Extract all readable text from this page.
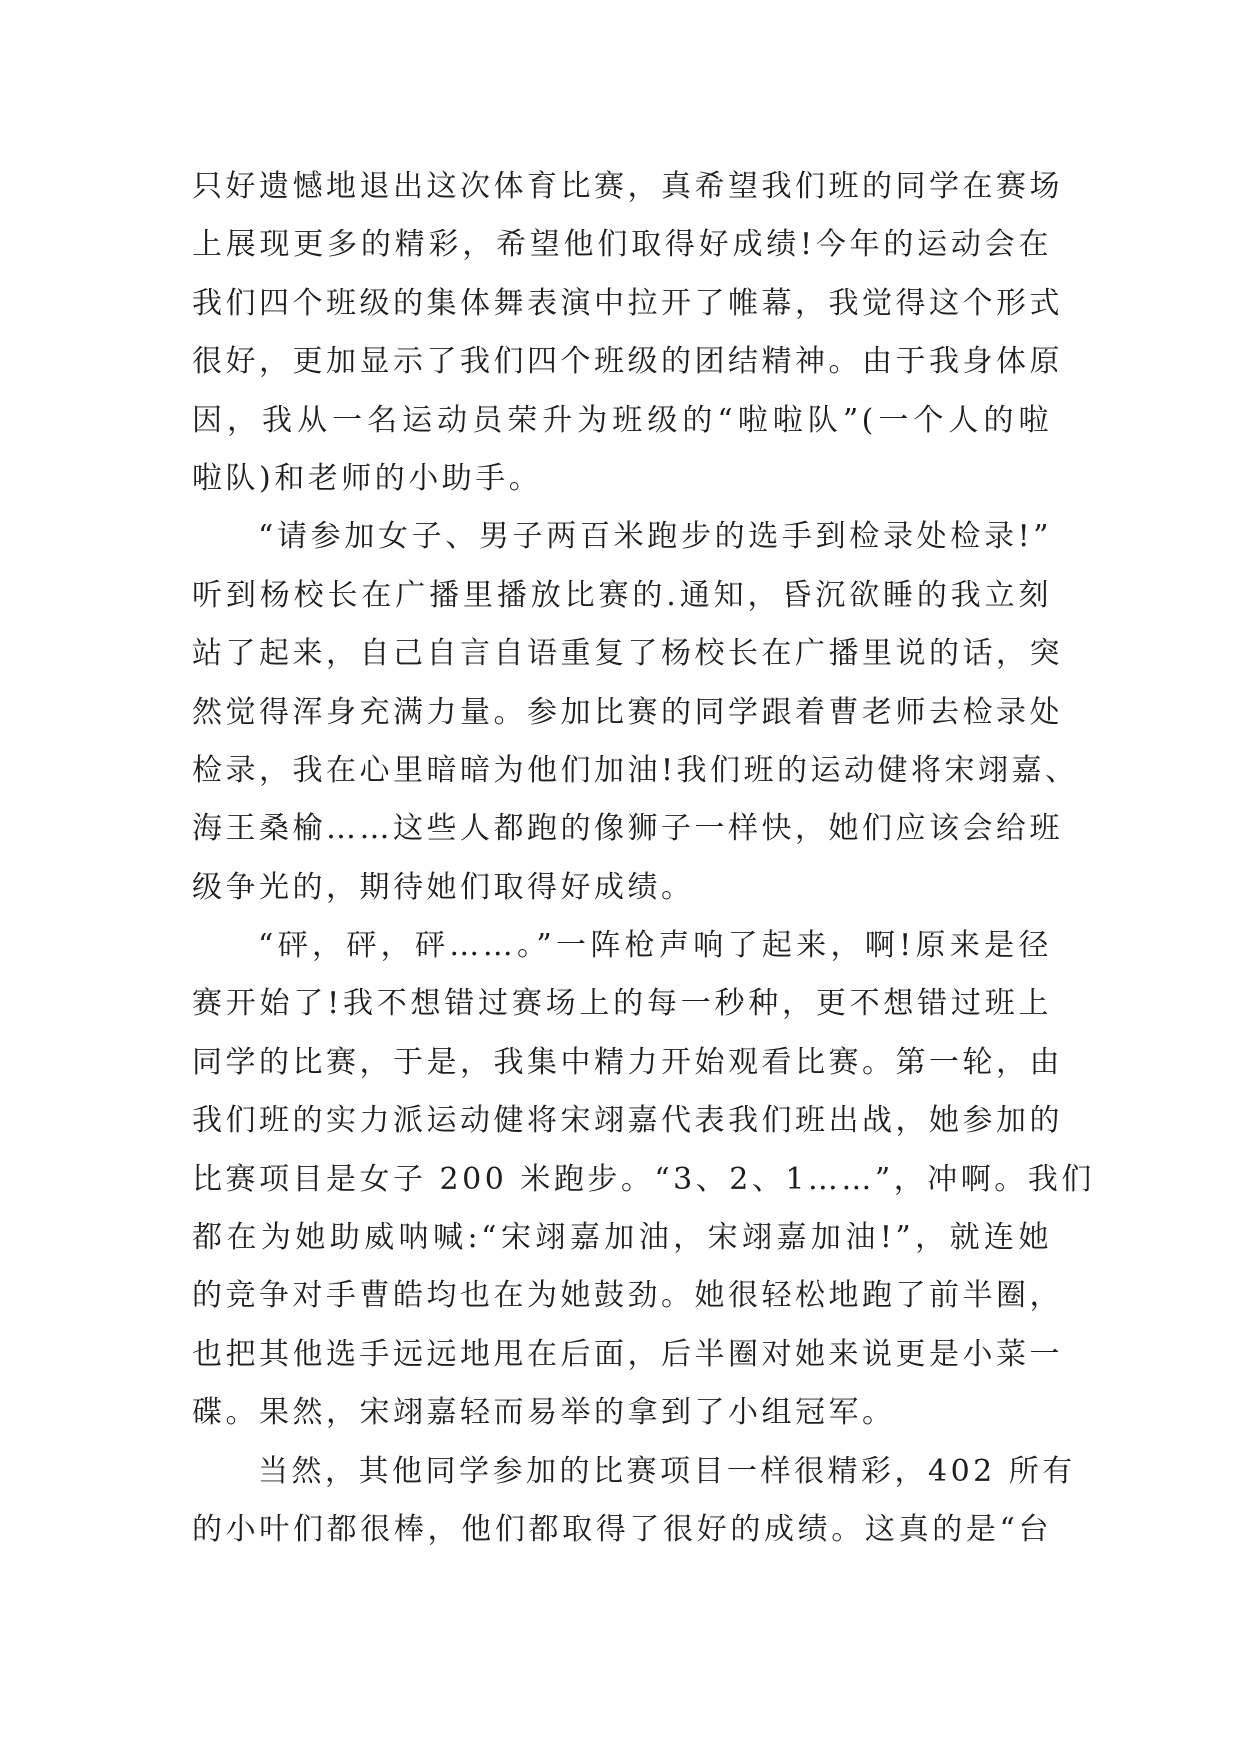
只好遗憾地退出这次体育比赛，真希望我们班的同学在赛场
上展现更多的精彩，希望他们取得好成绩!今年的运动会在
我们四个班级的集体舞表演中拉开了帷幕，我觉得这个形式
很好，更加显示了我们四个班级的团结精神。由于我身体原
因，我从一名运动员荣升为班级的“啦啦队”(一个人的啦
啦队)和老师的小助手。
“请参加女子、男子两百米跑步的选手到检录处检录!”
听到杨校长在广播里播放比赛的.通知，昏沉欲睡的我立刻
站了起来，自己自言自语重复了杨校长在广播里说的话，突
然觉得浑身充满力量。参加比赛的同学跟着曹老师去检录处
检录，我在心里暗暗为他们加油!我们班的运动健将宋翊嘉、
海王桑榆……这些人都跑的像狮子一样快，她们应该会给班
级争光的，期待她们取得好成绩。
“砰，砰，砰……。”一阵枪声响了起来，啊!原来是径
赛开始了!我不想错过赛场上的每一秒种，更不想错过班上
同学的比赛，于是，我集中精力开始观看比赛。第一轮，由
我们班的实力派运动健将宋翊嘉代表我们班出战，她参加的
比赛项目是女子 200 米跑步。“3、2、1……”，冲啊。我们
都在为她助威呐喊:“宋翊嘉加油，宋翊嘉加油!”，就连她
的竞争对手曹皓均也在为她鼓劲。她很轻松地跑了前半圈，
也把其他选手远远地甩在后面，后半圈对她来说更是小菜一
碟。果然，宋翊嘉轻而易举的拿到了小组冠军。
当然，其他同学参加的比赛项目一样很精彩，402 所有
的小叶们都很棒，他们都取得了很好的成绩。这真的是“台
